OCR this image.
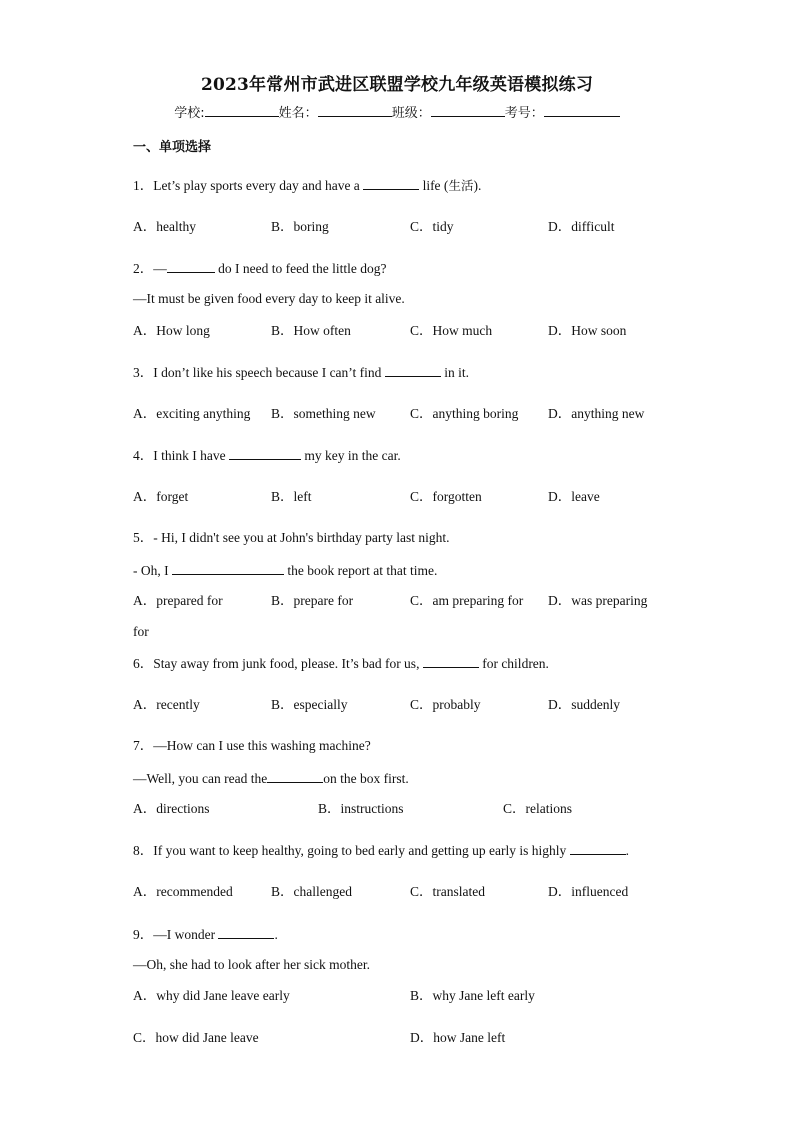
2023年常州市武进区联盟学校九年级英语模拟练习
学校:	姓名：	班级：	考号：
一、单项选择
1．Let’s play sports every day and have a	life (生活).
A．healthy	B．boring	C．tidy	D．difficult
2．—	do I need to feed the little dog?
—It must be given food every day to keep it alive.
A．How long	B．How often	C．How much	D．How soon
3．I don’t like his speech because I can’t find	in it.
A．exciting anything B．something new	C．anything boring D．anything new
4．I think I have	my key in the car.
A．forget	B．left	C．forgotten	D．leave
5．- Hi, I didn't see you at John's birthday party last night.
- Oh, I	the book report at that time.
A．prepared for	B．prepare for	C．am preparing for D．was preparing
for
6．Stay away from junk food, please. It’s bad for us,	for children.
A．recently	B．especially	C．probably	D．suddenly
7．—How can I use this washing machine?
—Well, you can read the	on the box first.
A．directions	B．instructions	C．relations
8．If you want to keep healthy, going to bed early and getting up early is highly	.
A．recommended	B．challenged	C．translated	D．influenced
9．—I wonder	.
—Oh, she had to look after her sick mother.
A．why did Jane leave early	B．why Jane left early
C．how did Jane leave	D．how Jane left
